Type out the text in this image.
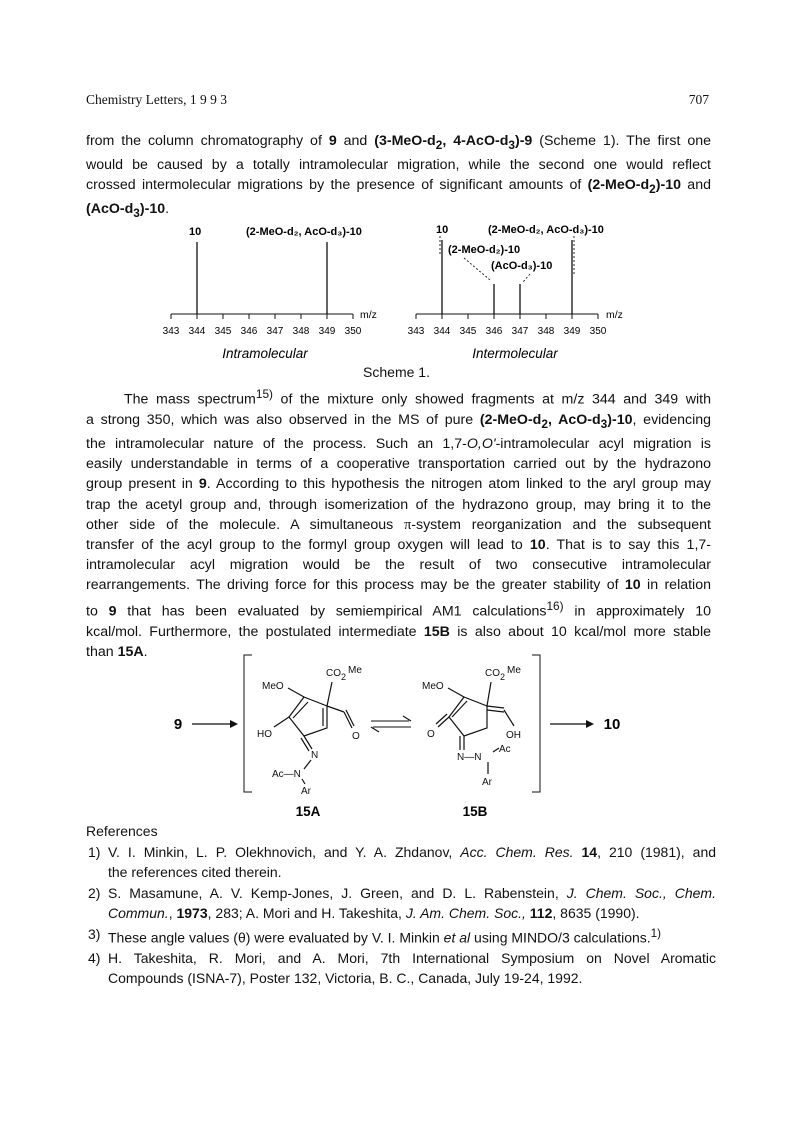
Chemistry Letters, 1 9 9 3	707
from the column chromatography of 9 and ($3-MeO-d_2$, $4-AcO-d_3)-9$ (Scheme 1). The first one
would be caused by a totally intramolecular migration, while the second one would reflect
crossed intermolecular migrations by the presence of significant amounts of $(2-MeO-d_2)-10$ and
$(AcO-d_3)-10$.
10	(2-MeO-d₂, AcO-d₃)-10
m/z
343 344 345 346 347 348 349 350
Intramolecular
10	(2-MeO-d₂, AcO-d₃)-10
(2-MeO-d₂)-10
(AcO-d₃)-10
m/z
343 344 345 346 347 348 349 350
Intermolecular
Scheme 1.
The mass spectrum$^{15)}$ of the mixture only showed fragments at m/z 344 and 349 with
a strong 350, which was also observed in the MS of pure ($2-MeO-d_2$, AcO-$d_3)-10$, evidencing
the intramolecular nature of the process. Such an 1,7-O,O'-intramolecular acyl migration is
easily understandable in terms of a cooperative transportation carried out by the hydrazono
group present in 9. According to this hypothesis the nitrogen atom linked to the aryl group may
trap the acetyl group and, through isomerization of the hydrazono group, may bring it to the
other side of the molecule. A simultaneous π-system reorganization and the subsequent
transfer of the acyl group to the formyl group oxygen will lead to 10. That is to say this 1,7-
intramolecular acyl migration would be the result of two consecutive intramolecular
rearrangements. The driving force for this process may be the greater stability of 10 in relation
to 9 that has been evaluated by semiempirical AM1 calculations$^{16)}$ in approximately 10
kcal/mol. Furthermore, the postulated intermediate 15B is also about 10 kcal/mol more stable
than 15A.
9
CO 2
Me
MeO
HO	O
N
Ac—N
Ar
15A
CO 2
Me
MeO
O	OH
N—N
Ac
Ar
15B
10
References
1) V. I. Minkin, L. P. Olekhnovich, and Y. A. Zhdanov, Acc. Chem. Res. 14, 210 (1981), and
the references cited therein.
2) S. Masamune, A. V. Kemp-Jones, J. Green, and D. L. Rabenstein, J. Chem. Soc., Chem.
Commun., 1973, 283; A. Mori and H. Takeshita, J. Am. Chem. Soc., 112, 8635 (1990).
3) These angle values (θ) were evaluated by V. I. Minkin et al using MINDO/3 calculations.$^{1)}$
4) H. Takeshita, R. Mori, and A. Mori, 7th International Symposium on Novel Aromatic
Compounds (ISNA-7), Poster 132, Victoria, B. C., Canada, July 19-24, 1992.
